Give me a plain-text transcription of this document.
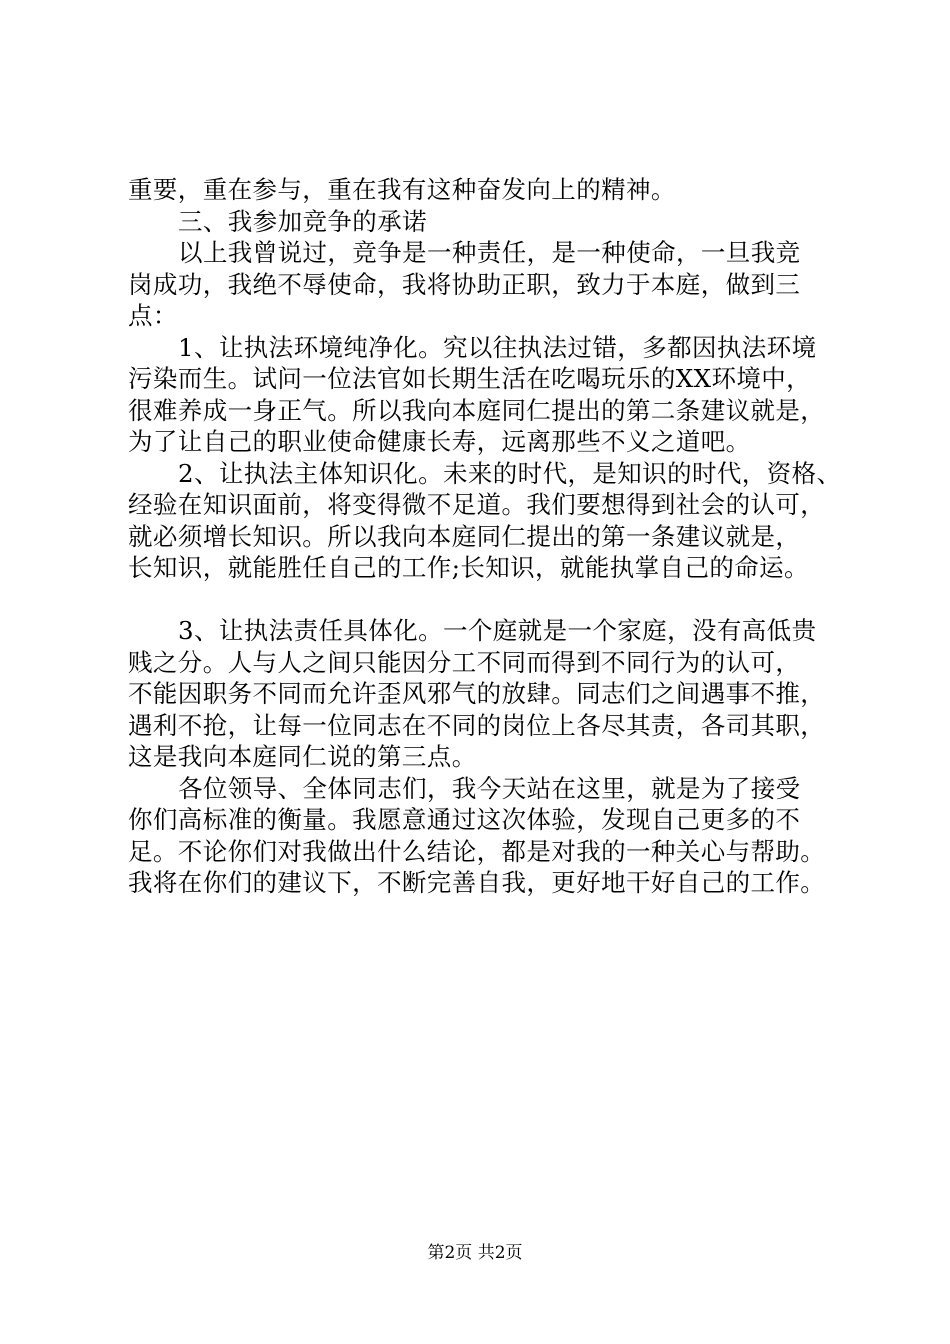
重要，重在参与，重在我有这种奋发向上的精神。
三、我参加竞争的承诺
以上我曾说过，竞争是一种责任，是一种使命，一旦我竞
岗成功，我绝不辱使命，我将协助正职，致力于本庭，做到三
点：
1、让执法环境纯净化。究以往执法过错，多都因执法环境
污染而生。试问一位法官如长期生活在吃喝玩乐的XX环境中，
很难养成一身正气。所以我向本庭同仁提出的第二条建议就是，
为了让自己的职业使命健康长寿，远离那些不义之道吧。
2、让执法主体知识化。未来的时代，是知识的时代，资格、
经验在知识面前，将变得微不足道。我们要想得到社会的认可，
就必须增长知识。所以我向本庭同仁提出的第一条建议就是，
长知识，就能胜任自己的工作;长知识，就能执掌自己的命运。
3、让执法责任具体化。一个庭就是一个家庭，没有高低贵
贱之分。人与人之间只能因分工不同而得到不同行为的认可，
不能因职务不同而允许歪风邪气的放肆。同志们之间遇事不推，
遇利不抢，让每一位同志在不同的岗位上各尽其责，各司其职，
这是我向本庭同仁说的第三点。
各位领导、全体同志们，我今天站在这里，就是为了接受
你们高标准的衡量。我愿意通过这次体验，发现自己更多的不
足。不论你们对我做出什么结论，都是对我的一种关心与帮助。
我将在你们的建议下，不断完善自我，更好地干好自己的工作。
第2页 共2页
